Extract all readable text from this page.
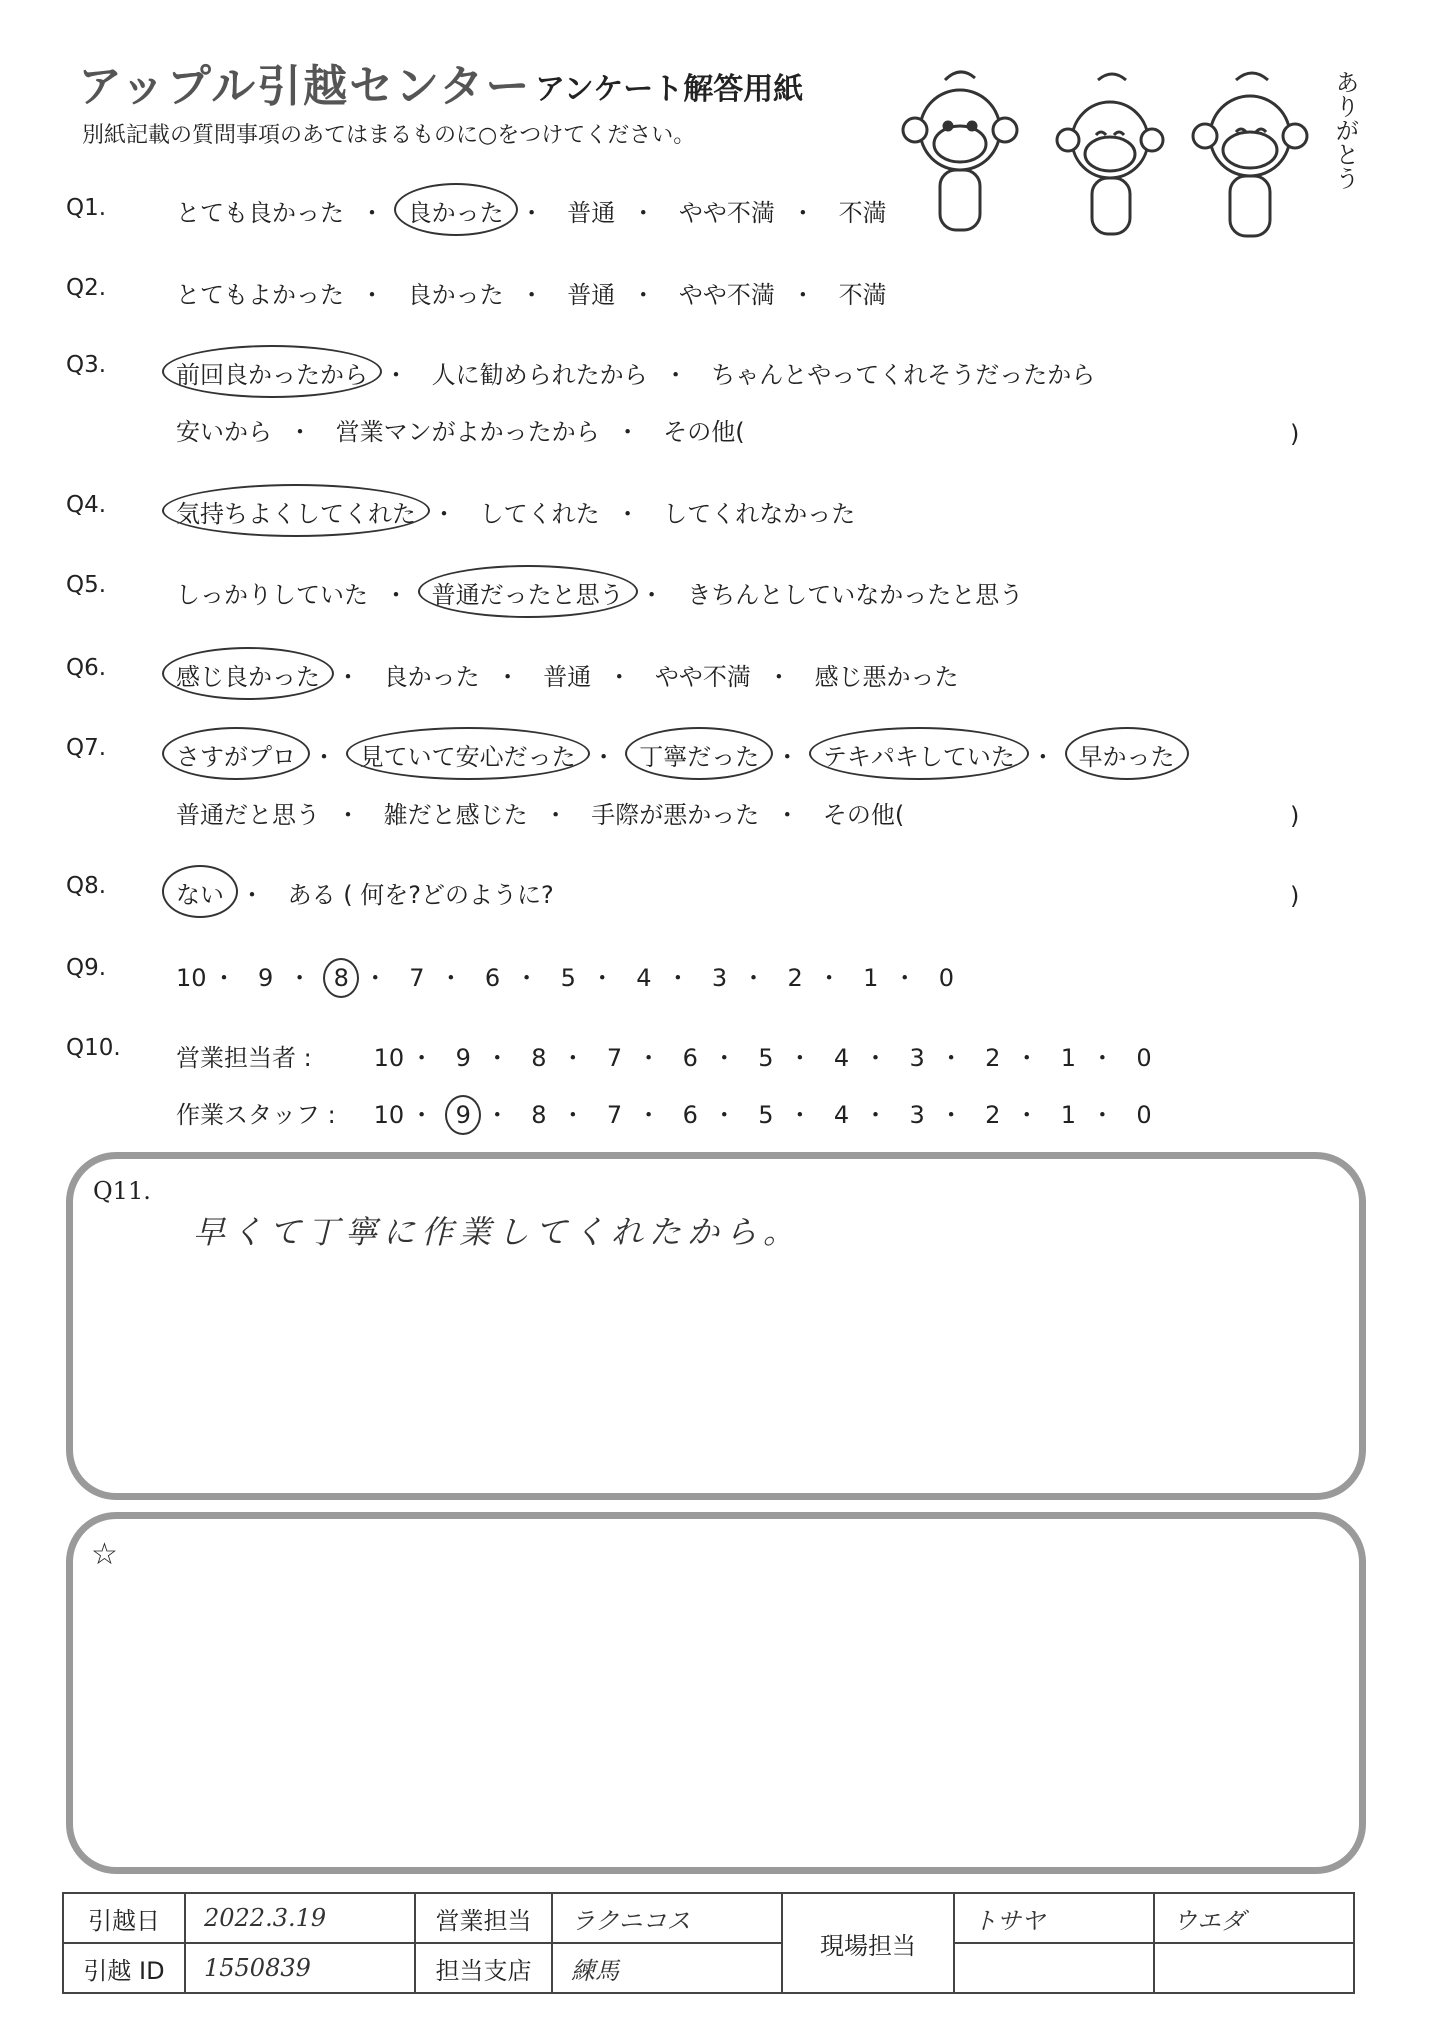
アップル引越センター アンケート解答用紙
別紙記載の質問事項のあてはまるものに○をつけてください。	ありがとう
Q1.	とても良かった ・ 良かった ・ 普通 ・ やや不満 ・ 不満
Q2.	とてもよかった ・ 良かった ・ 普通 ・ やや不満 ・ 不満
Q3.	前回良かったから ・ 人に勧められたから ・ ちゃんとやってくれそうだったから
安いから ・ 営業マンがよかったから ・ その他(	)
Q4.	気持ちよくしてくれた ・ してくれた ・ してくれなかった
Q5.	しっかりしていた ・ 普通だったと思う ・ きちんとしていなかったと思う
Q6.	感じ良かった ・ 良かった ・ 普通 ・ やや不満 ・ 感じ悪かった
Q7.	さすがプロ ・ 見ていて安心だった ・ 丁寧だった ・ テキパキしていた ・ 早かった
普通だと思う ・ 雑だと感じた ・ 手際が悪かった ・ その他(	)
Q8.	ない ・ ある ( 何を?どのように?	)
Q9.	10 ・ 9 ・ 8 ・ 7 ・ 6 ・ 5 ・ 4 ・ 3 ・ 2 ・ 1 ・ 0
Q10. 営業担当者 :	10 ・ 9 ・ 8 ・ 7 ・ 6 ・ 5 ・ 4 ・ 3 ・ 2 ・ 1 ・ 0
作業スタッフ : 10 ・ 9 ・ 8 ・ 7 ・ 6 ・ 5 ・ 4 ・ 3 ・ 2 ・ 1 ・ 0
Q11.
早くて丁寧に作業してくれたから。
☆
引越日	2022.3.19	営業担当	ラクニコス	現場担当	トサヤ	ウエダ
引越 ID	1550839	担当支店	練馬			
